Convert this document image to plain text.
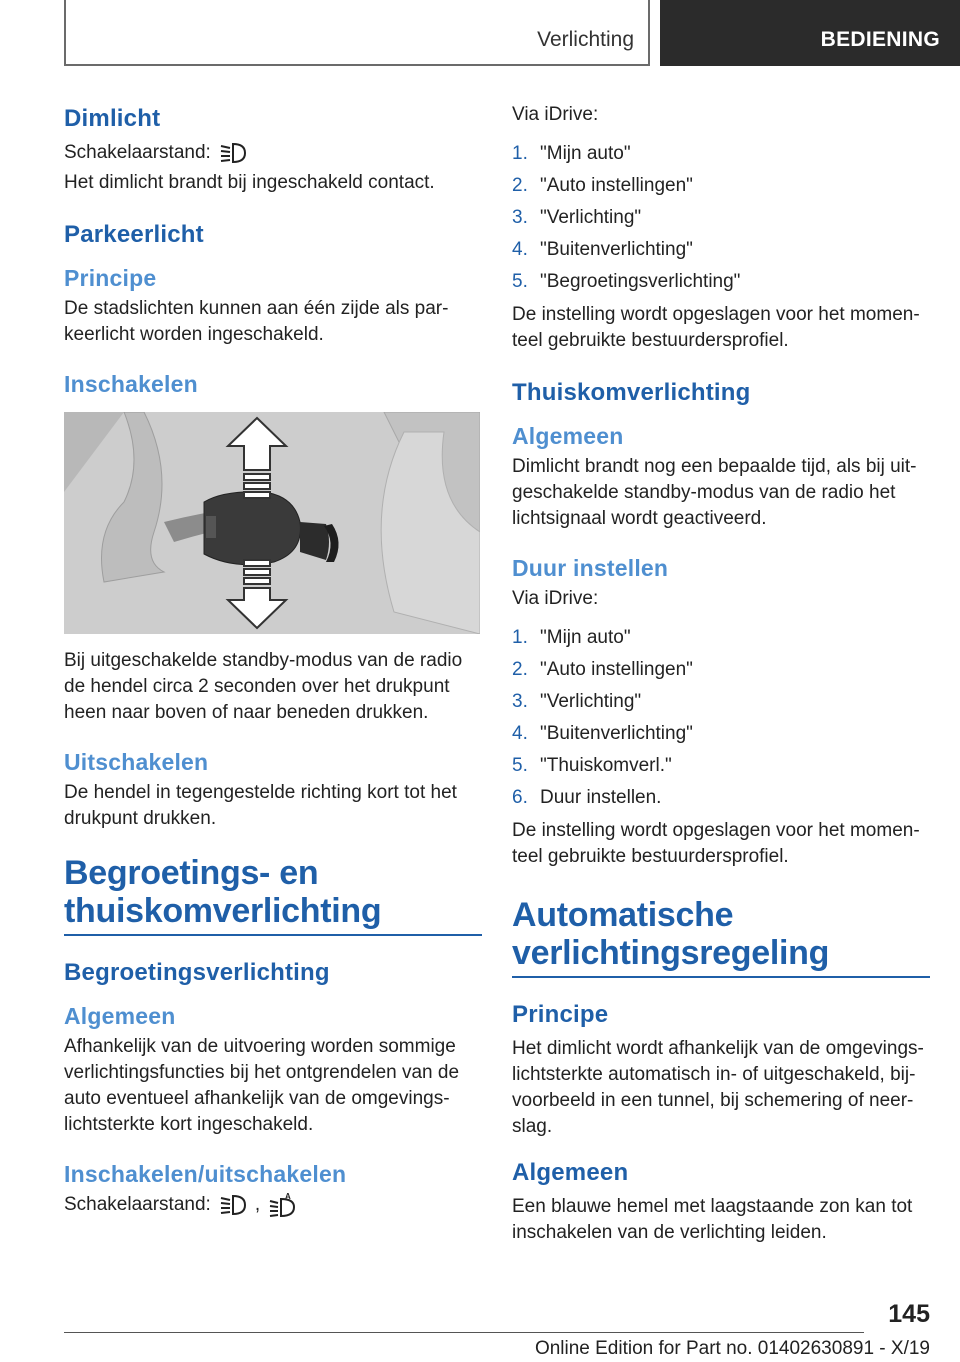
Verlichting	BEDIENING
Dimlicht

Schakelaarstand:

Het dimlicht brandt bij ingeschakeld contact.

Parkeerlicht
Principe

De stadslichten kunnen aan één zijde als par-keerlicht worden ingeschakeld.

Inschakelen

Bij uitgeschakelde standby-modus van de radio de hendel circa 2 seconden over het drukpunt heen naar boven of naar beneden drukken.

Uitschakelen

De hendel in tegengestelde richting kort tot het drukpunt drukken.

Begroetings- en thuiskomverlichting
Begroetingsverlichting
Algemeen

Afhankelijk van de uitvoering worden sommige verlichtingsfuncties bij het ontgrendelen van de auto eventueel afhankelijk van de omgevings-lichtsterkte kort ingeschakeld.

Inschakelen/uitschakelen

Schakelaarstand: ,	A

Via iDrive:

1. "Mijn auto"
2. "Auto instellingen"
3. "Verlichting"
4. "Buitenverlichting"
5. "Begroetingsverlichting"

De instelling wordt opgeslagen voor het momen-teel gebruikte bestuurdersprofiel.

Thuiskomverlichting
Algemeen

Dimlicht brandt nog een bepaalde tijd, als bij uit-geschakelde standby-modus van de radio het lichtsignaal wordt geactiveerd.

Duur instellen

Via iDrive:

1. "Mijn auto"
2. "Auto instellingen"
3. "Verlichting"
4. "Buitenverlichting"
5. "Thuiskomverl."
6. Duur instellen.

De instelling wordt opgeslagen voor het momen-teel gebruikte bestuurdersprofiel.

Automatische verlichtingsregeling
Principe

Het dimlicht wordt afhankelijk van de omgevings-lichtsterkte automatisch in- of uitgeschakeld, bij-voorbeeld in een tunnel, bij schemering of neer-slag.

Algemeen

Een blauwe hemel met laagstaande zon kan tot inschakelen van de verlichting leiden.

145
Online Edition for Part no. 01402630891 - X/19
